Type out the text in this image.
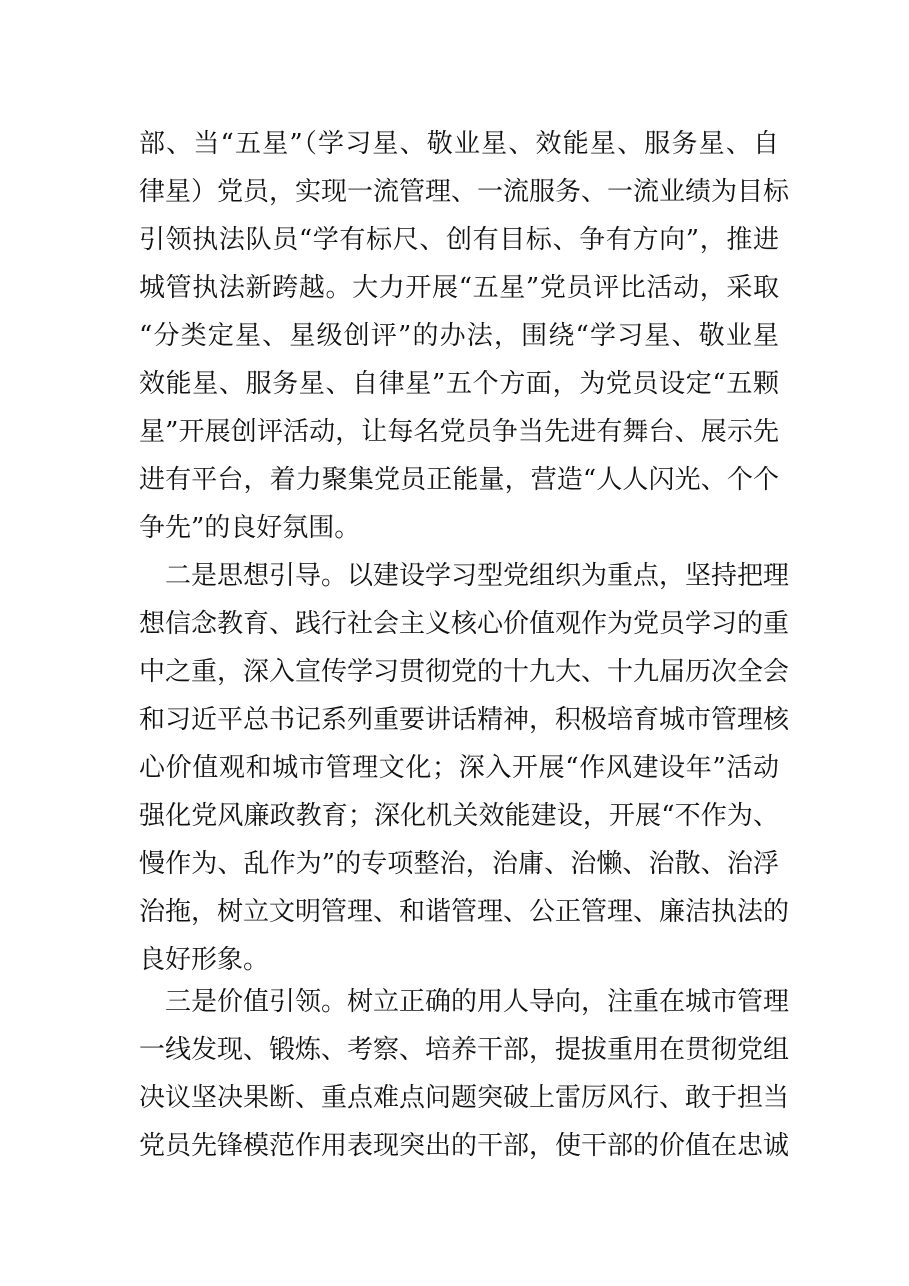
部、当“五星”（学习星、敬业星、效能星、服务星、自
律星）党员，实现一流管理、一流服务、一流业绩为目标
引领执法队员“学有标尺、创有目标、争有方向”，推进
城管执法新跨越。大力开展“五星”党员评比活动，采取
“分类定星、星级创评”的办法，围绕“学习星、敬业星
效能星、服务星、自律星”五个方面，为党员设定“五颗
星”开展创评活动，让每名党员争当先进有舞台、展示先
进有平台，着力聚集党员正能量，营造“人人闪光、个个
争先”的良好氛围。
　二是思想引导。以建设学习型党组织为重点，坚持把理
想信念教育、践行社会主义核心价值观作为党员学习的重
中之重，深入宣传学习贯彻党的十九大、十九届历次全会
和习近平总书记系列重要讲话精神，积极培育城市管理核
心价值观和城市管理文化；深入开展“作风建设年”活动
强化党风廉政教育；深化机关效能建设，开展“不作为、
慢作为、乱作为”的专项整治，治庸、治懒、治散、治浮
治拖，树立文明管理、和谐管理、公正管理、廉洁执法的
良好形象。
　三是价值引领。树立正确的用人导向，注重在城市管理
一线发现、锻炼、考察、培养干部，提拔重用在贯彻党组
决议坚决果断、重点难点问题突破上雷厉风行、敢于担当
党员先锋模范作用表现突出的干部，使干部的价值在忠诚
